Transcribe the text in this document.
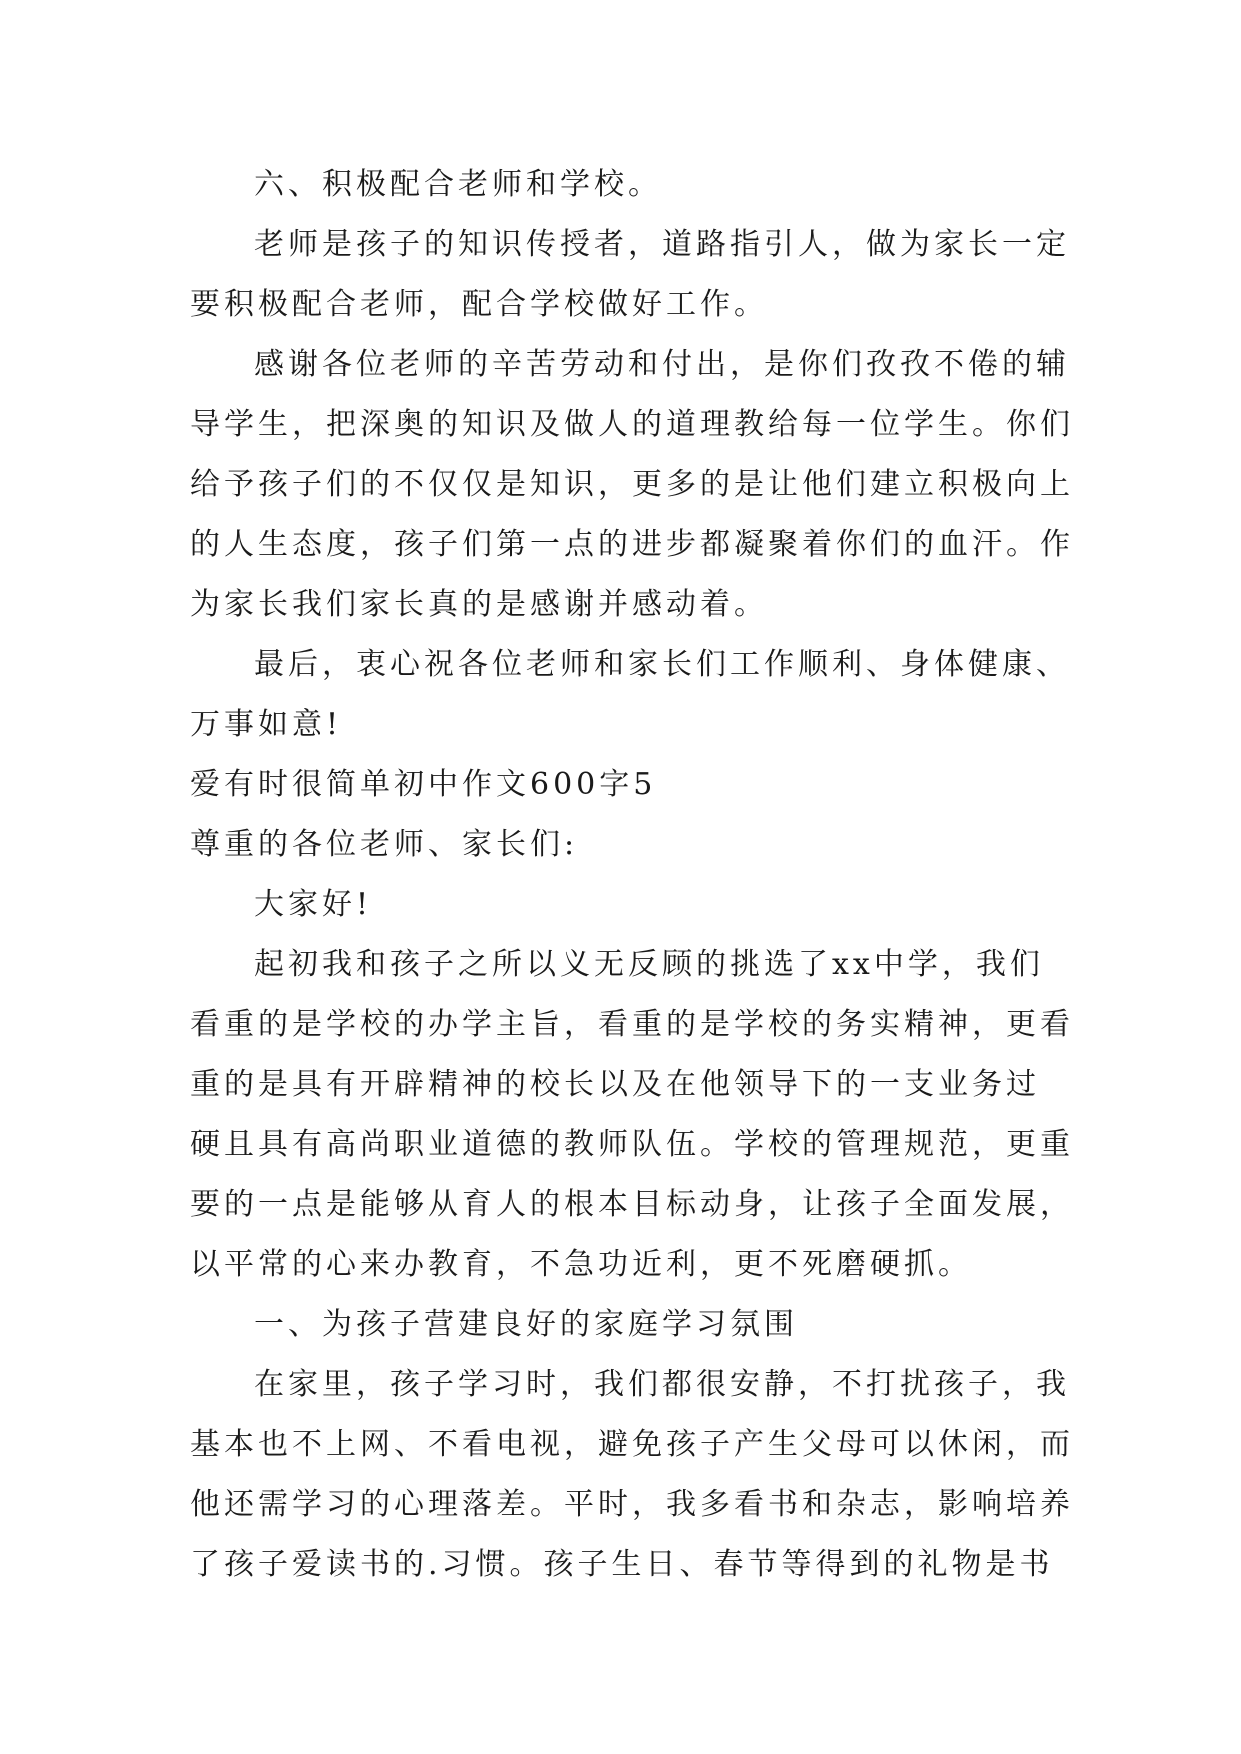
六、积极配合老师和学校。
老师是孩子的知识传授者，道路指引人，做为家长一定
要积极配合老师，配合学校做好工作。
感谢各位老师的辛苦劳动和付出，是你们孜孜不倦的辅
导学生，把深奥的知识及做人的道理教给每一位学生。你们
给予孩子们的不仅仅是知识，更多的是让他们建立积极向上
的人生态度，孩子们第一点的进步都凝聚着你们的血汗。作
为家长我们家长真的是感谢并感动着。
最后，衷心祝各位老师和家长们工作顺利、身体健康、
万事如意!
爱有时很简单初中作文600字5
尊重的各位老师、家长们:
大家好!
起初我和孩子之所以义无反顾的挑选了xx中学，我们
看重的是学校的办学主旨，看重的是学校的务实精神，更看
重的是具有开辟精神的校长以及在他领导下的一支业务过
硬且具有高尚职业道德的教师队伍。学校的管理规范，更重
要的一点是能够从育人的根本目标动身，让孩子全面发展，
以平常的心来办教育，不急功近利，更不死磨硬抓。
一、为孩子营建良好的家庭学习氛围
在家里，孩子学习时，我们都很安静，不打扰孩子，我
基本也不上网、不看电视，避免孩子产生父母可以休闲，而
他还需学习的心理落差。平时，我多看书和杂志，影响培养
了孩子爱读书的.习惯。孩子生日、春节等得到的礼物是书
